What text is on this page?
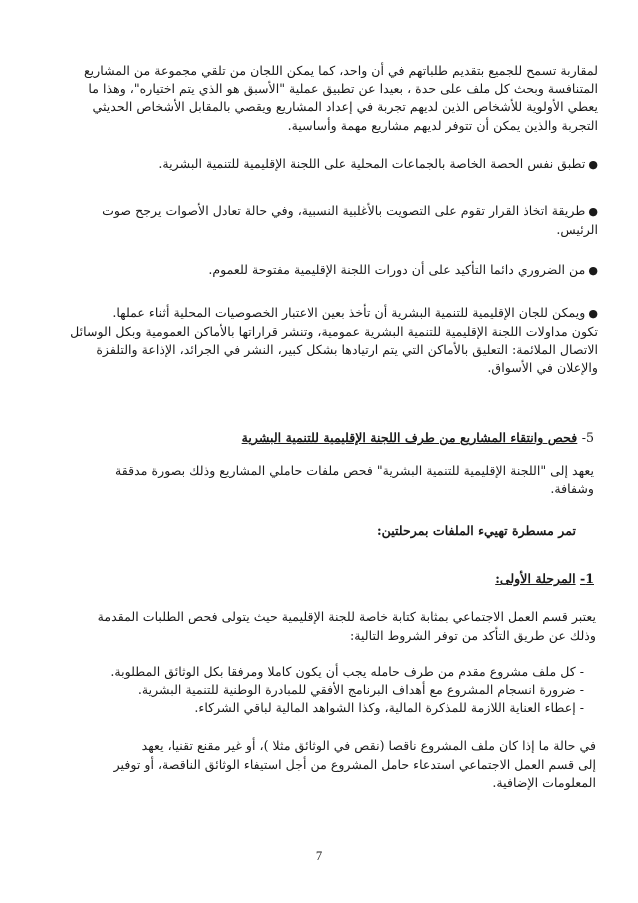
لمقاربة تسمح للجميع بتقديم طلباتهم في أن واحد، كما يمكن اللجان من تلقي مجموعة من المشاريع
المتنافسة وبحث كل ملف على حدة ، بعيدا عن تطبيق عملية "الأسبق هو الذي يتم اختياره"، وهذا ما
يعطي الأولوية للأشخاص الذين لديهم تجربة في إعداد المشاريع ويقصي بالمقابل الأشخاص الحديثي
التجربة والذين يمكن أن تتوفر لديهم مشاريع مهمة وأساسية.

●تطبق نفس الحصة الخاصة بالجماعات المحلية على اللجنة الإقليمية للتنمية البشرية.

●طريقة اتخاذ القرار تقوم على التصويت بالأغلبية النسبية، وفي حالة تعادل الأصوات يرجح صوت
الرئيس.

●من الضروري دائما التأكيد على أن دورات اللجنة الإقليمية مفتوحة للعموم.

●ويمكن للجان الإقليمية للتنمية البشرية أن تأخذ بعين الاعتبار الخصوصيات المحلية أثناء عملها.
تكون مداولات اللجنة الإقليمية للتنمية البشرية عمومية، وتنشر قراراتها بالأماكن العمومية وبكل الوسائل
الاتصال الملائمة: التعليق بالأماكن التي يتم ارتيادها بشكل كبير، النشر في الجرائد، الإذاعة والتلفزة
والإعلان في الأسواق.

5- فحص وانتقاء المشاريع من طرف اللجنة الإقليمية للتنمية البشرية

يعهد إلى "اللجنة الإقليمية للتنمية البشرية" فحص ملفات حاملي المشاريع وذلك بصورة مدققة
وشفافة.

تمر مسطرة تهييء الملفات بمرحلتين:

1- المرحلة الأولى:

يعتبر قسم العمل الاجتماعي بمثابة كتابة خاصة للجنة الإقليمية حيث يتولى فحص الطلبات المقدمة
وذلك عن طريق التأكد من توفر الشروط التالية:

- كل ملف مشروع مقدم من طرف حامله يجب أن يكون كاملا ومرفقا بكل الوثائق المطلوبة.
- ضرورة انسجام المشروع مع أهداف البرنامج الأفقي للمبادرة الوطنية للتنمية البشرية.
- إعطاء العناية اللازمة للمذكرة المالية، وكذا الشواهد المالية لباقي الشركاء.

في حالة ما إذا كان ملف المشروع ناقصا (نقص في الوثائق مثلا )، أو غير مقنع تقنيا، يعهد
إلى قسم العمل الاجتماعي استدعاء حامل المشروع من أجل استيفاء الوثائق الناقصة، أو توفير
المعلومات الإضافية.

7
